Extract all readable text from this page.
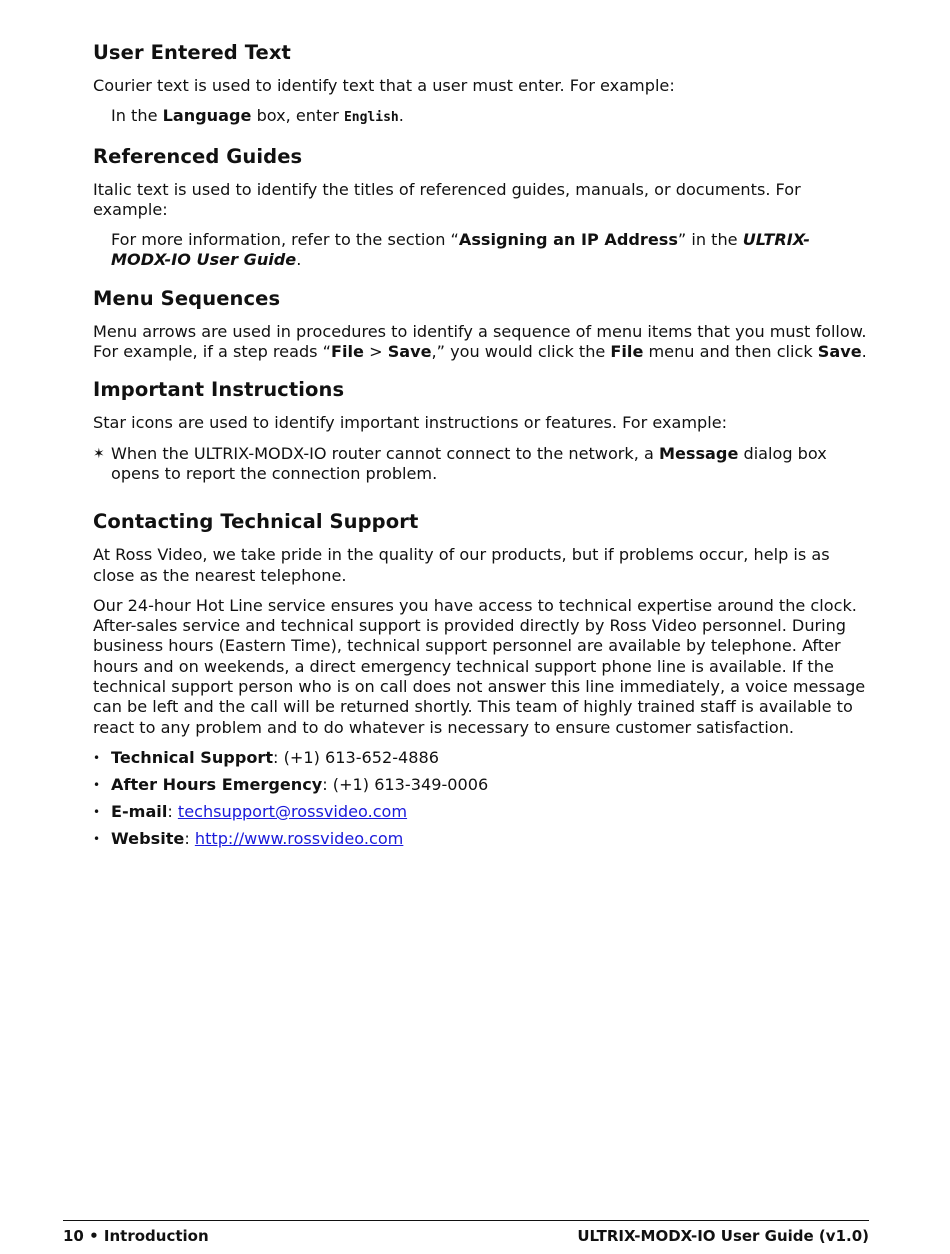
User Entered Text

Courier text is used to identify text that a user must enter. For example:

In the Language box, enter English.

Referenced Guides

Italic text is used to identify the titles of referenced guides, manuals, or documents. For example:

For more information, refer to the section “Assigning an IP Address” in the ULTRIX-MODX-IO User Guide.

Menu Sequences

Menu arrows are used in procedures to identify a sequence of menu items that you must follow. For example, if a step reads “File > Save,” you would click the File menu and then click Save.

Important Instructions

Star icons are used to identify important instructions or features. For example:

✶ When the ULTRIX-MODX-IO router cannot connect to the network, a Message dialog box opens to report the connection problem.
Contacting Technical Support

At Ross Video, we take pride in the quality of our products, but if problems occur, help is as close as the nearest telephone.

Our 24-hour Hot Line service ensures you have access to technical expertise around the clock. After-sales service and technical support is provided directly by Ross Video personnel. During business hours (Eastern Time), technical support personnel are available by telephone. After hours and on weekends, a direct emergency technical support phone line is available. If the technical support person who is on call does not answer this line immediately, a voice message can be left and the call will be returned shortly. This team of highly trained staff is available to react to any problem and to do whatever is necessary to ensure customer satisfaction.

• Technical Support: (+1) 613-652-4886
• After Hours Emergency: (+1) 613-349-0006
• E-mail: techsupport@rossvideo.com
• Website: http://www.rossvideo.com
10 • Introduction	ULTRIX-MODX-IO User Guide (v1.0)
